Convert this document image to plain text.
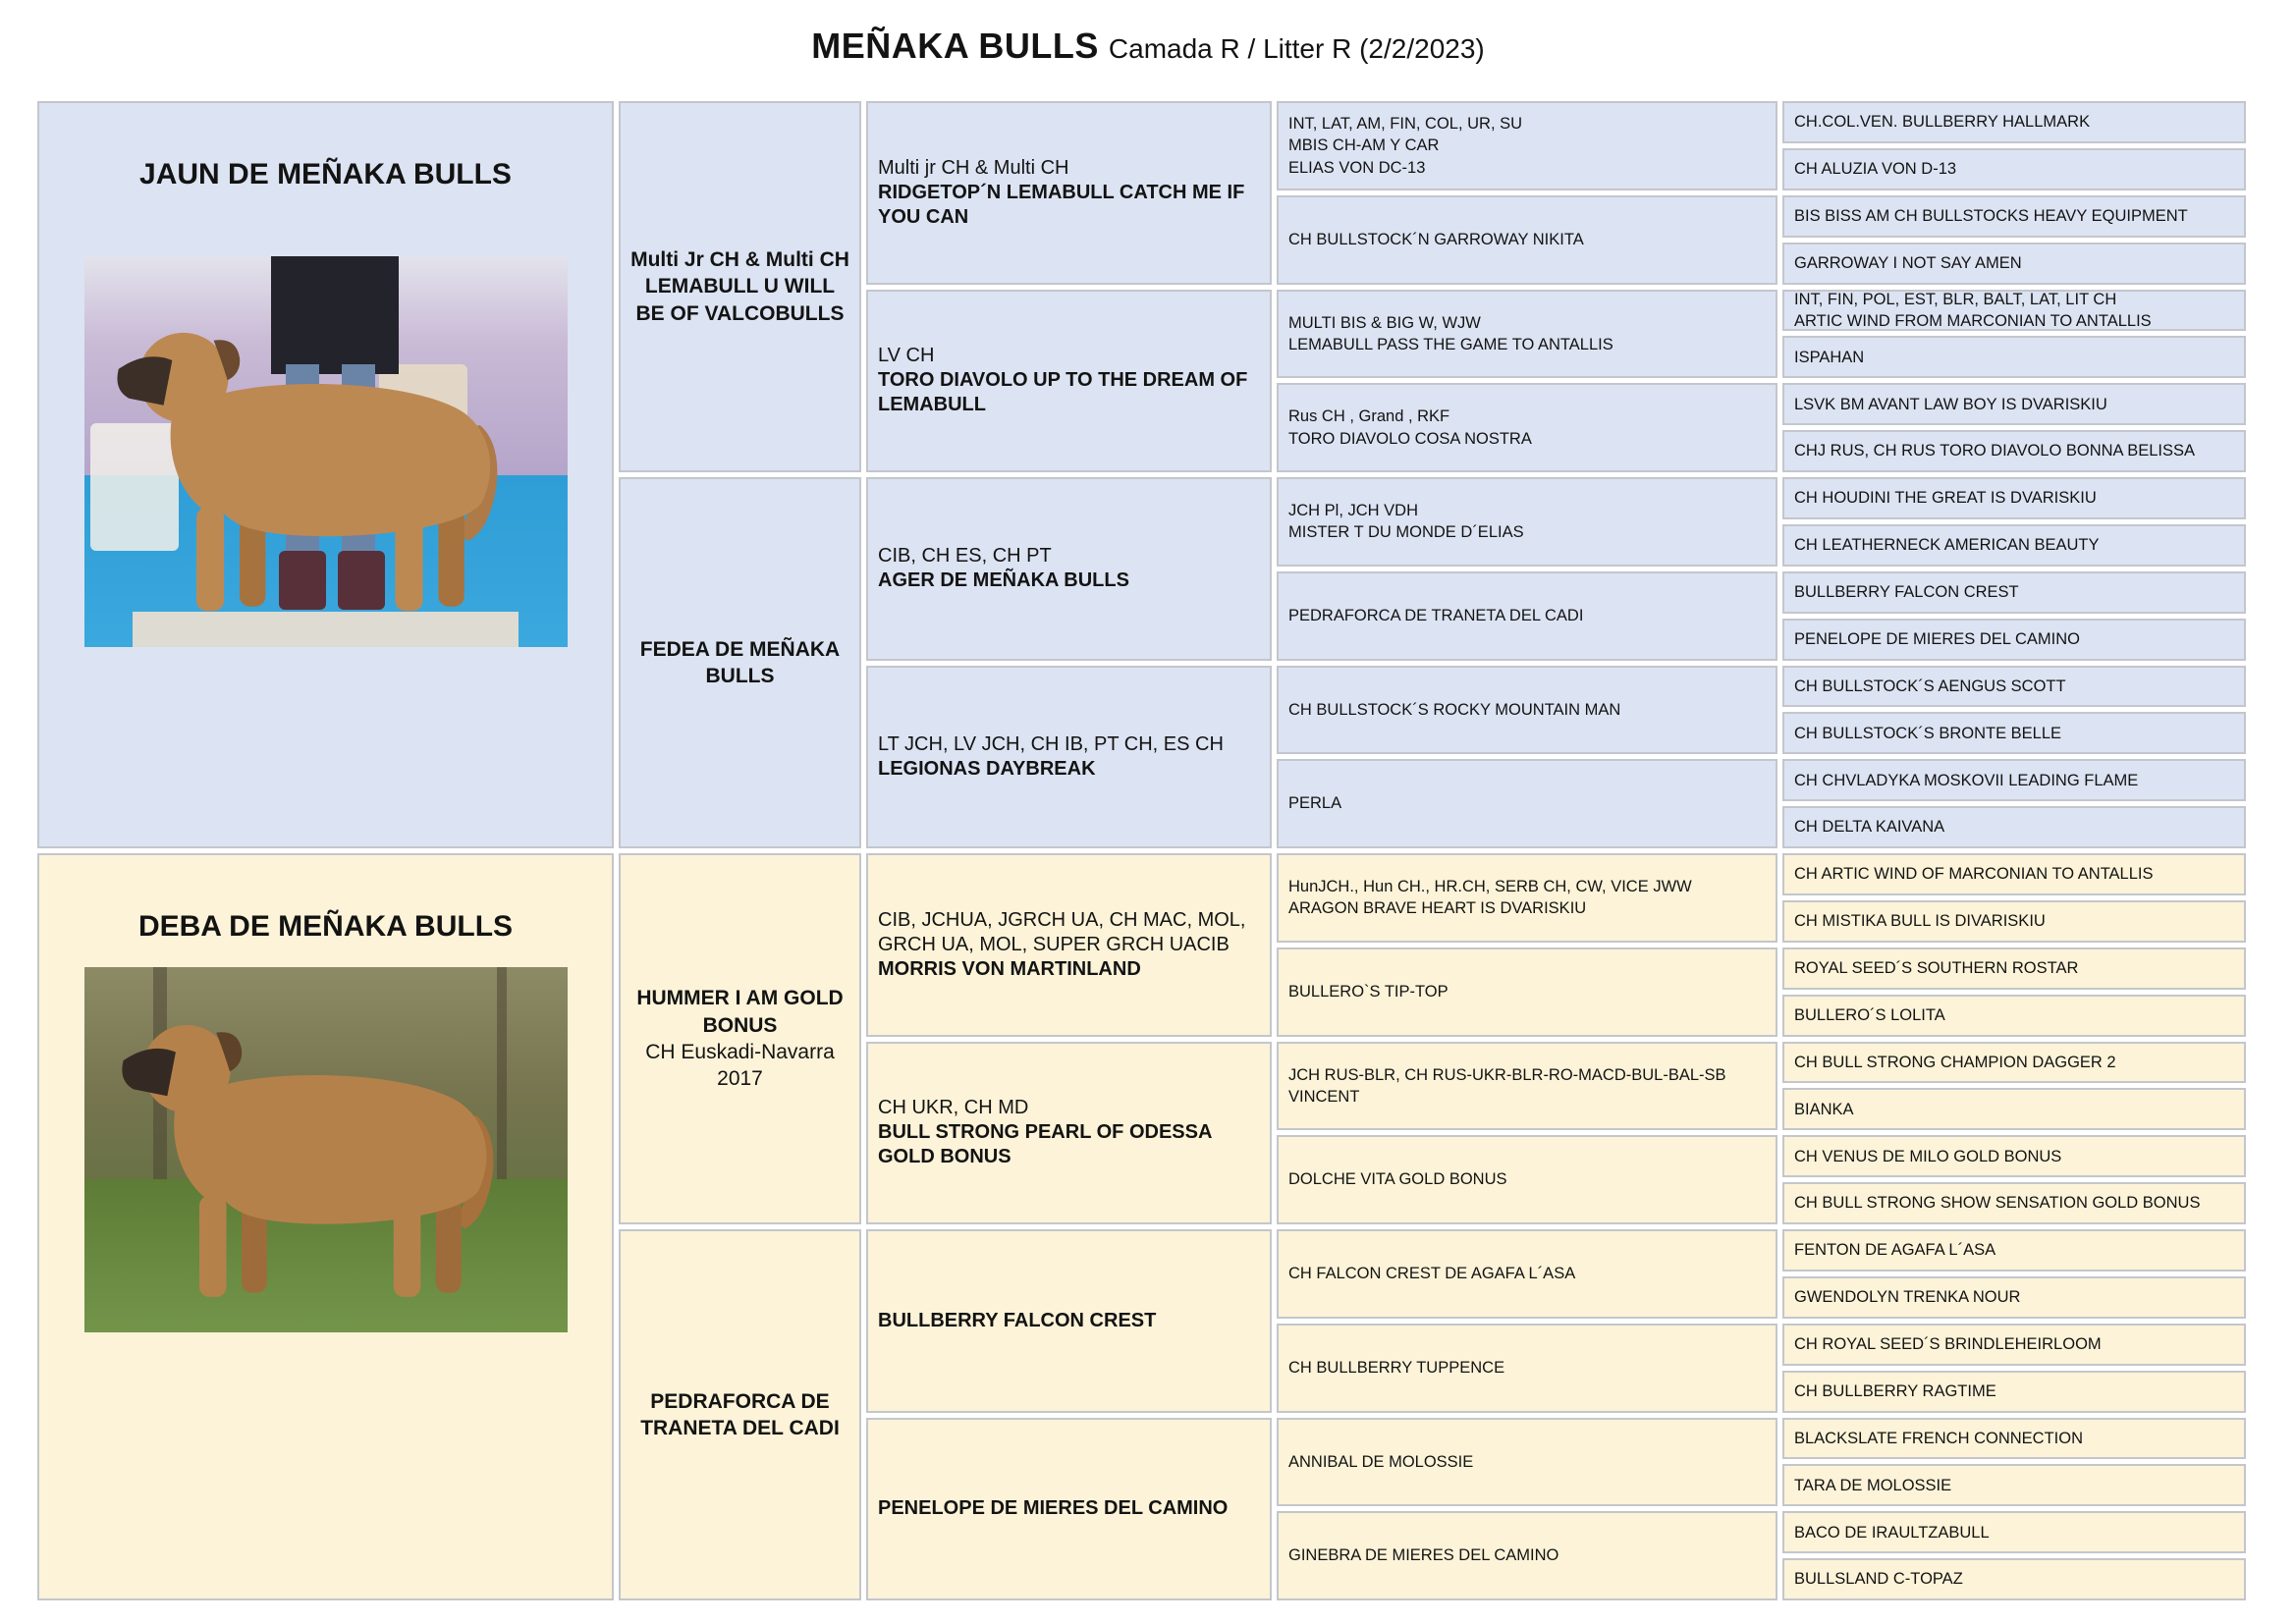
MEÑAKA BULLS Camada R / Litter R (2/2/2023)
JAUN DE MEÑAKA BULLS
DEBA DE MEÑAKA BULLS
Multi Jr CH & Multi CH
LEMABULL U WILL BE OF VALCOBULLS
FEDEA DE MEÑAKA BULLS
HUMMER I AM GOLD BONUS
CH Euskadi-Navarra 2017
PEDRAFORCA DE TRANETA DEL CADI
Multi jr CH & Multi CH
RIDGETOP´N LEMABULL CATCH ME IF YOU CAN
LV CH
TORO DIAVOLO UP TO THE DREAM OF LEMABULL
CIB, CH ES, CH PT
AGER DE MEÑAKA BULLS
LT JCH, LV JCH, CH IB, PT CH, ES CH
LEGIONAS DAYBREAK
CIB, JCHUA, JGRCH UA, CH MAC, MOL, GRCH UA, MOL, SUPER GRCH UACIB
MORRIS VON MARTINLAND
CH UKR, CH MD
BULL STRONG PEARL OF ODESSA GOLD BONUS
BULLBERRY FALCON CREST
PENELOPE DE MIERES DEL CAMINO
INT, LAT, AM, FIN, COL, UR, SU
MBIS CH-AM Y CAR
ELIAS VON DC-13
CH BULLSTOCK´N GARROWAY NIKITA
MULTI BIS & BIG W, WJW
LEMABULL PASS THE GAME TO ANTALLIS
Rus CH , Grand , RKF
TORO DIAVOLO COSA NOSTRA
JCH Pl, JCH VDH
MISTER T DU MONDE D´ELIAS
PEDRAFORCA DE TRANETA DEL CADI
CH BULLSTOCK´S ROCKY MOUNTAIN MAN
PERLA
HunJCH., Hun CH., HR.CH, SERB CH, CW, VICE JWW
ARAGON BRAVE HEART IS DVARISKIU
BULLERO`S TIP-TOP
JCH RUS-BLR, CH RUS-UKR-BLR-RO-MACD-BUL-BAL-SB
VINCENT
DOLCHE VITA GOLD BONUS
CH FALCON CREST DE AGAFA L´ASA
CH BULLBERRY TUPPENCE
ANNIBAL DE MOLOSSIE
GINEBRA DE MIERES DEL CAMINO
CH.COL.VEN. BULLBERRY HALLMARK
CH ALUZIA VON D-13
BIS BISS AM CH BULLSTOCKS HEAVY EQUIPMENT
GARROWAY I NOT SAY AMEN
INT, FIN, POL, EST, BLR, BALT, LAT, LIT CH
ARTIC WIND FROM MARCONIAN TO ANTALLIS
ISPAHAN
LSVK BM AVANT LAW BOY IS DVARISKIU
CHJ RUS, CH RUS TORO DIAVOLO BONNA BELISSA
CH HOUDINI THE GREAT IS DVARISKIU
CH LEATHERNECK AMERICAN BEAUTY
BULLBERRY FALCON CREST
PENELOPE DE MIERES DEL CAMINO
CH BULLSTOCK´S AENGUS SCOTT
CH BULLSTOCK´S BRONTE BELLE
CH CHVLADYKA MOSKOVII LEADING FLAME
CH DELTA KAIVANA
CH ARTIC WIND OF MARCONIAN TO ANTALLIS
CH MISTIKA BULL IS DIVARISKIU
ROYAL SEED´S SOUTHERN ROSTAR
BULLERO´S LOLITA
CH BULL STRONG CHAMPION DAGGER 2
BIANKA
CH VENUS DE MILO GOLD BONUS
CH BULL STRONG SHOW SENSATION GOLD BONUS
FENTON DE AGAFA L´ASA
GWENDOLYN TRENKA NOUR
CH ROYAL SEED´S BRINDLEHEIRLOOM
CH BULLBERRY RAGTIME
BLACKSLATE FRENCH CONNECTION
TARA DE MOLOSSIE
BACO DE IRAULTZABULL
BULLSLAND C-TOPAZ
